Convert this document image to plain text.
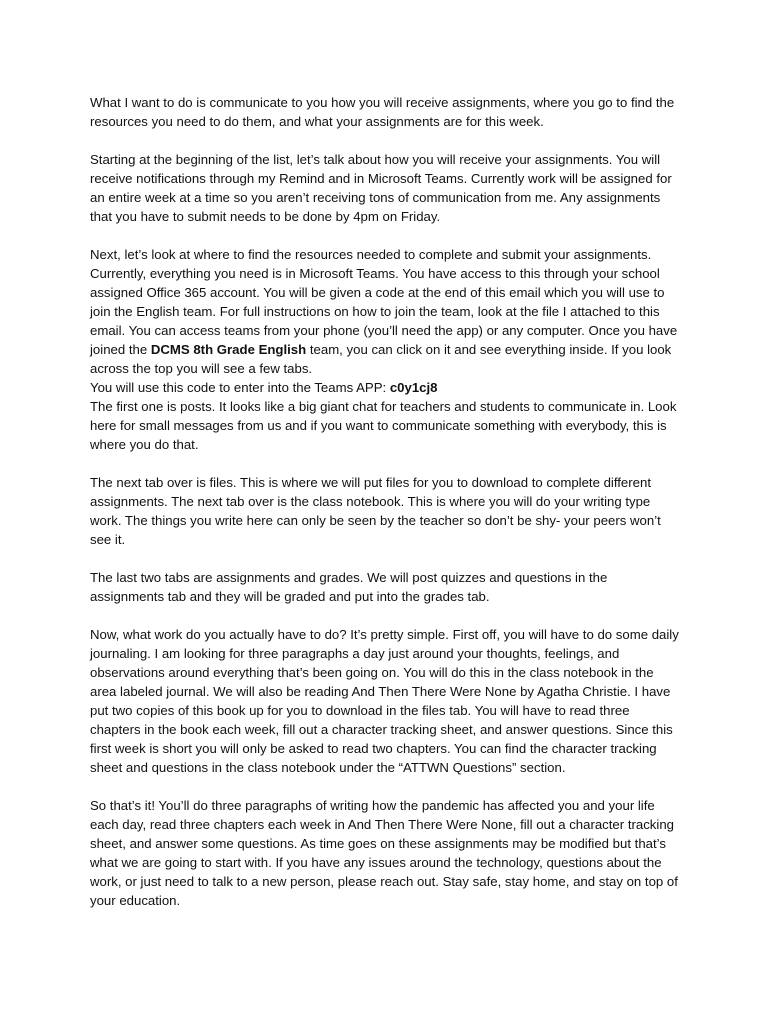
What I want to do is communicate to you how you will receive assignments, where you go to find the resources you need to do them, and what your assignments are for this week.

Starting at the beginning of the list, let’s talk about how you will receive your assignments. You will receive notifications through my Remind and in Microsoft Teams. Currently work will be assigned for an entire week at a time so you aren’t receiving tons of communication from me. Any assignments that you have to submit needs to be done by 4pm on Friday.

Next, let’s look at where to find the resources needed to complete and submit your assignments. Currently, everything you need is in Microsoft Teams. You have access to this through your school assigned Office 365 account. You will be given a code at the end of this email which you will use to join the English team. For full instructions on how to join the team, look at the file I attached to this email. You can access teams from your phone (you’ll need the app) or any computer. Once you have joined the DCMS 8th Grade English team, you can click on it and see everything inside. If you look across the top you will see a few tabs.

You will use this code to enter into the Teams APP: c0y1cj8

The first one is posts. It looks like a big giant chat for teachers and students to communicate in. Look here for small messages from us and if you want to communicate something with everybody, this is where you do that.

The next tab over is files. This is where we will put files for you to download to complete different assignments. The next tab over is the class notebook. This is where you will do your writing type work. The things you write here can only be seen by the teacher so don’t be shy- your peers won’t see it.

The last two tabs are assignments and grades. We will post quizzes and questions in the assignments tab and they will be graded and put into the grades tab.

Now, what work do you actually have to do? It’s pretty simple. First off, you will have to do some daily journaling. I am looking for three paragraphs a day just around your thoughts, feelings, and observations around everything that’s been going on. You will do this in the class notebook in the area labeled journal. We will also be reading And Then There Were None by Agatha Christie. I have put two copies of this book up for you to download in the files tab. You will have to read three chapters in the book each week, fill out a character tracking sheet, and answer questions. Since this first week is short you will only be asked to read two chapters. You can find the character tracking sheet and questions in the class notebook under the “ATTWN Questions” section.

So that’s it! You’ll do three paragraphs of writing how the pandemic has affected you and your life each day, read three chapters each week in And Then There Were None, fill out a character tracking sheet, and answer some questions. As time goes on these assignments may be modified but that’s what we are going to start with. If you have any issues around the technology, questions about the work, or just need to talk to a new person, please reach out. Stay safe, stay home, and stay on top of your education.
